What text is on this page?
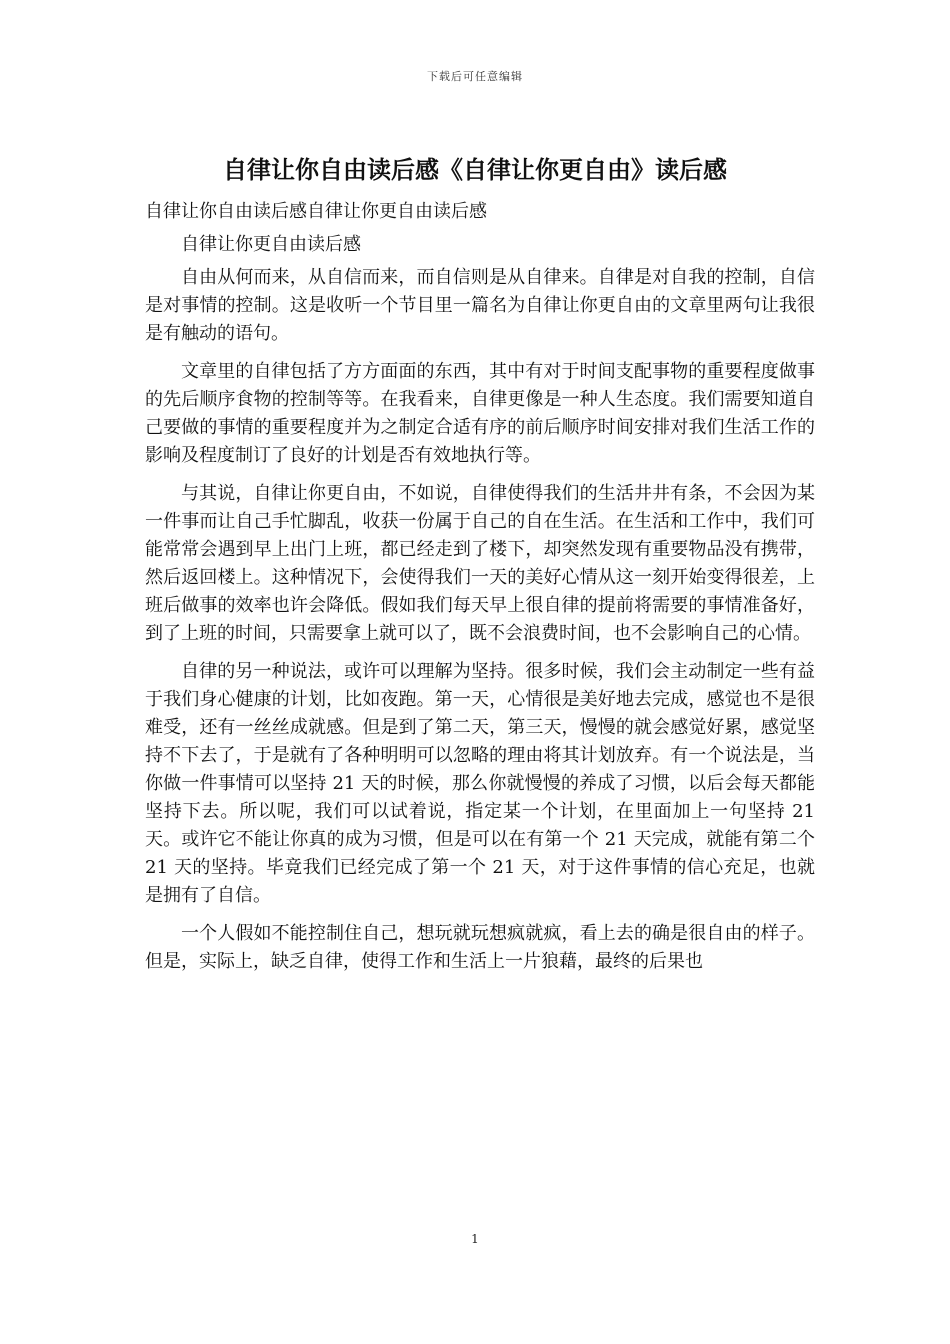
下载后可任意编辑
自律让你自由读后感《自律让你更自由》读后感
自律让你自由读后感自律让你更自由读后感
自律让你更自由读后感

自由从何而来，从自信而来，而自信则是从自律来。自律是对自我的控制，自信是对事情的控制。这是收听一个节目里一篇名为自律让你更自由的文章里两句让我很是有触动的语句。

文章里的自律包括了方方面面的东西，其中有对于时间支配事物的重要程度做事的先后顺序食物的控制等等。在我看来，自律更像是一种人生态度。我们需要知道自己要做的事情的重要程度并为之制定合适有序的前后顺序时间安排对我们生活工作的影响及程度制订了良好的计划是否有效地执行等。

与其说，自律让你更自由，不如说，自律使得我们的生活井井有条，不会因为某一件事而让自己手忙脚乱，收获一份属于自己的自在生活。在生活和工作中，我们可能常常会遇到早上出门上班，都已经走到了楼下，却突然发现有重要物品没有携带，然后返回楼上。这种情况下，会使得我们一天的美好心情从这一刻开始变得很差，上班后做事的效率也许会降低。假如我们每天早上很自律的提前将需要的事情准备好，到了上班的时间，只需要拿上就可以了，既不会浪费时间，也不会影响自己的心情。

自律的另一种说法，或许可以理解为坚持。很多时候，我们会主动制定一些有益于我们身心健康的计划，比如夜跑。第一天，心情很是美好地去完成，感觉也不是很难受，还有一丝丝成就感。但是到了第二天，第三天，慢慢的就会感觉好累，感觉坚持不下去了，于是就有了各种明明可以忽略的理由将其计划放弃。有一个说法是，当你做一件事情可以坚持 21 天的时候，那么你就慢慢的养成了习惯，以后会每天都能坚持下去。所以呢，我们可以试着说，指定某一个计划，在里面加上一句坚持 21 天。或许它不能让你真的成为习惯，但是可以在有第一个 21 天完成，就能有第二个 21 天的坚持。毕竟我们已经完成了第一个 21 天，对于这件事情的信心充足，也就是拥有了自信。

一个人假如不能控制住自己，想玩就玩想疯就疯，看上去的确是很自由的样子。但是，实际上，缺乏自律，使得工作和生活上一片狼藉，最终的后果也

1
